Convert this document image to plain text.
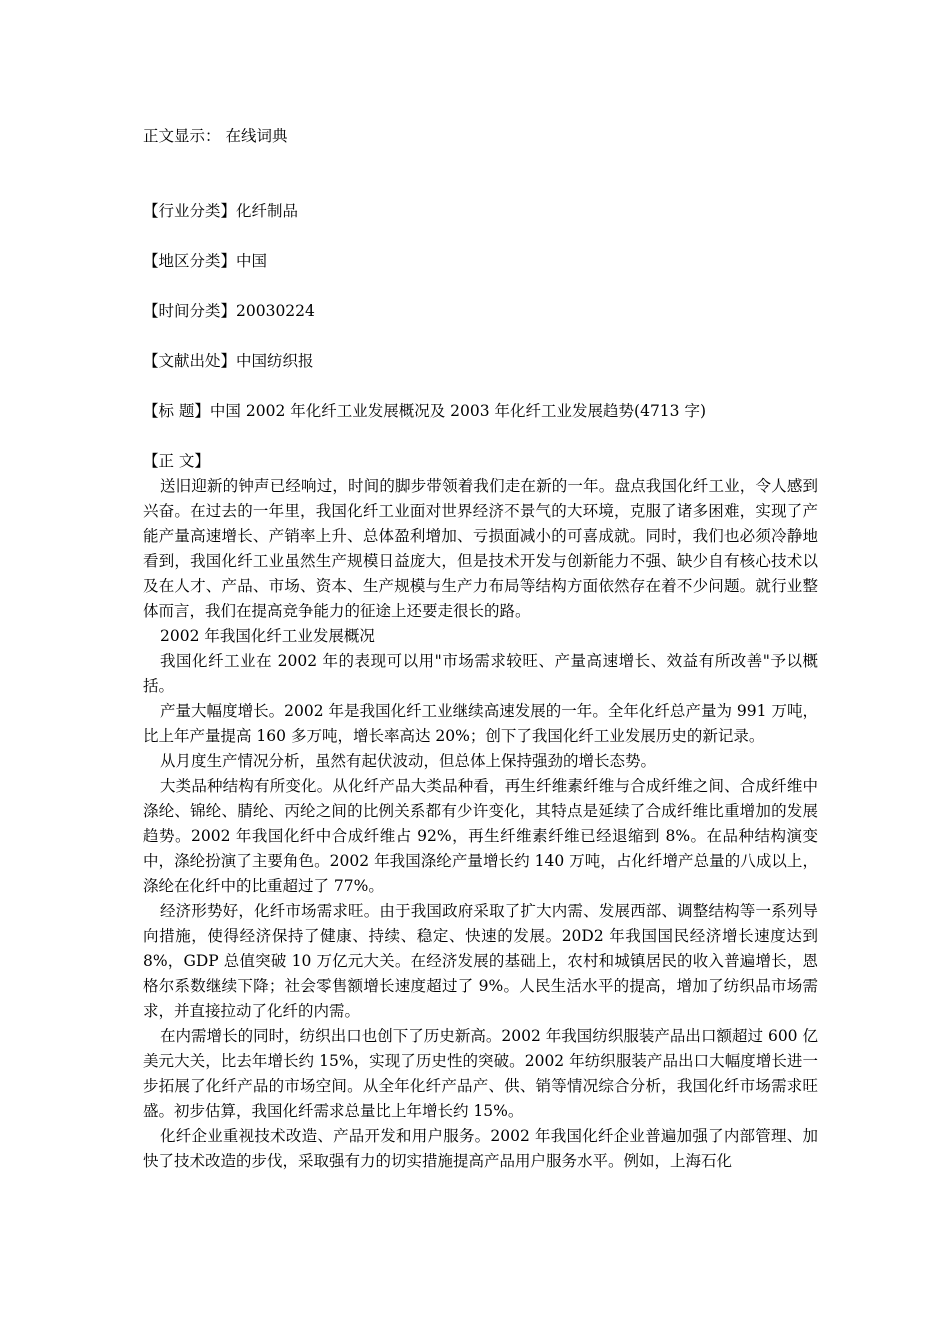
正文显示： 在线词典
【行业分类】化纤制品
【地区分类】中国
【时间分类】20030224
【文献出处】中国纺织报
【标 题】中国 2002 年化纤工业发展概况及 2003 年化纤工业发展趋势(4713 字)

【正 文】

送旧迎新的钟声已经响过，时间的脚步带领着我们走在新的一年。盘点我国化纤工业，令人感到兴奋。在过去的一年里，我国化纤工业面对世界经济不景气的大环境，克服了诸多困难，实现了产能产量高速增长、产销率上升、总体盈利增加、亏损面减小的可喜成就。同时，我们也必须冷静地看到，我国化纤工业虽然生产规模日益庞大，但是技术开发与创新能力不强、缺少自有核心技术以及在人才、产品、市场、资本、生产规模与生产力布局等结构方面依然存在着不少问题。就行业整体而言，我们在提高竞争能力的征途上还要走很长的路。

2002 年我国化纤工业发展概况

我国化纤工业在 2002 年的表现可以用"市场需求较旺、产量高速增长、效益有所改善"予以概括。

产量大幅度增长。2002 年是我国化纤工业继续高速发展的一年。全年化纤总产量为 991 万吨，比上年产量提高 160 多万吨，增长率高达 20%；创下了我国化纤工业发展历史的新记录。

从月度生产情况分析，虽然有起伏波动，但总体上保持强劲的增长态势。

大类品种结构有所变化。从化纤产品大类品种看，再生纤维素纤维与合成纤维之间、合成纤维中涤纶、锦纶、腈纶、丙纶之间的比例关系都有少许变化，其特点是延续了合成纤维比重增加的发展趋势。2002 年我国化纤中合成纤维占 92%，再生纤维素纤维已经退缩到 8%。在品种结构演变中，涤纶扮演了主要角色。2002 年我国涤纶产量增长约 140 万吨，占化纤增产总量的八成以上，涤纶在化纤中的比重超过了 77%。

经济形势好，化纤市场需求旺。由于我国政府采取了扩大内需、发展西部、调整结构等一系列导向措施，使得经济保持了健康、持续、稳定、快速的发展。20D2 年我国国民经济增长速度达到 8%，GDP 总值突破 10 万亿元大关。在经济发展的基础上，农村和城镇居民的收入普遍增长，恩格尔系数继续下降；社会零售额增长速度超过了 9%。人民生活水平的提高，增加了纺织品市场需求，并直接拉动了化纤的内需。

在内需增长的同时，纺织出口也创下了历史新高。2002 年我国纺织服装产品出口额超过 600 亿美元大关，比去年增长约 15%，实现了历史性的突破。2002 年纺织服装产品出口大幅度增长进一步拓展了化纤产品的市场空间。从全年化纤产品产、供、销等情况综合分析，我国化纤市场需求旺盛。初步估算，我国化纤需求总量比上年增长约 15%。

化纤企业重视技术改造、产品开发和用户服务。2002 年我国化纤企业普遍加强了内部管理、加快了技术改造的步伐，采取强有力的切实措施提高产品用户服务水平。例如，上海石化
